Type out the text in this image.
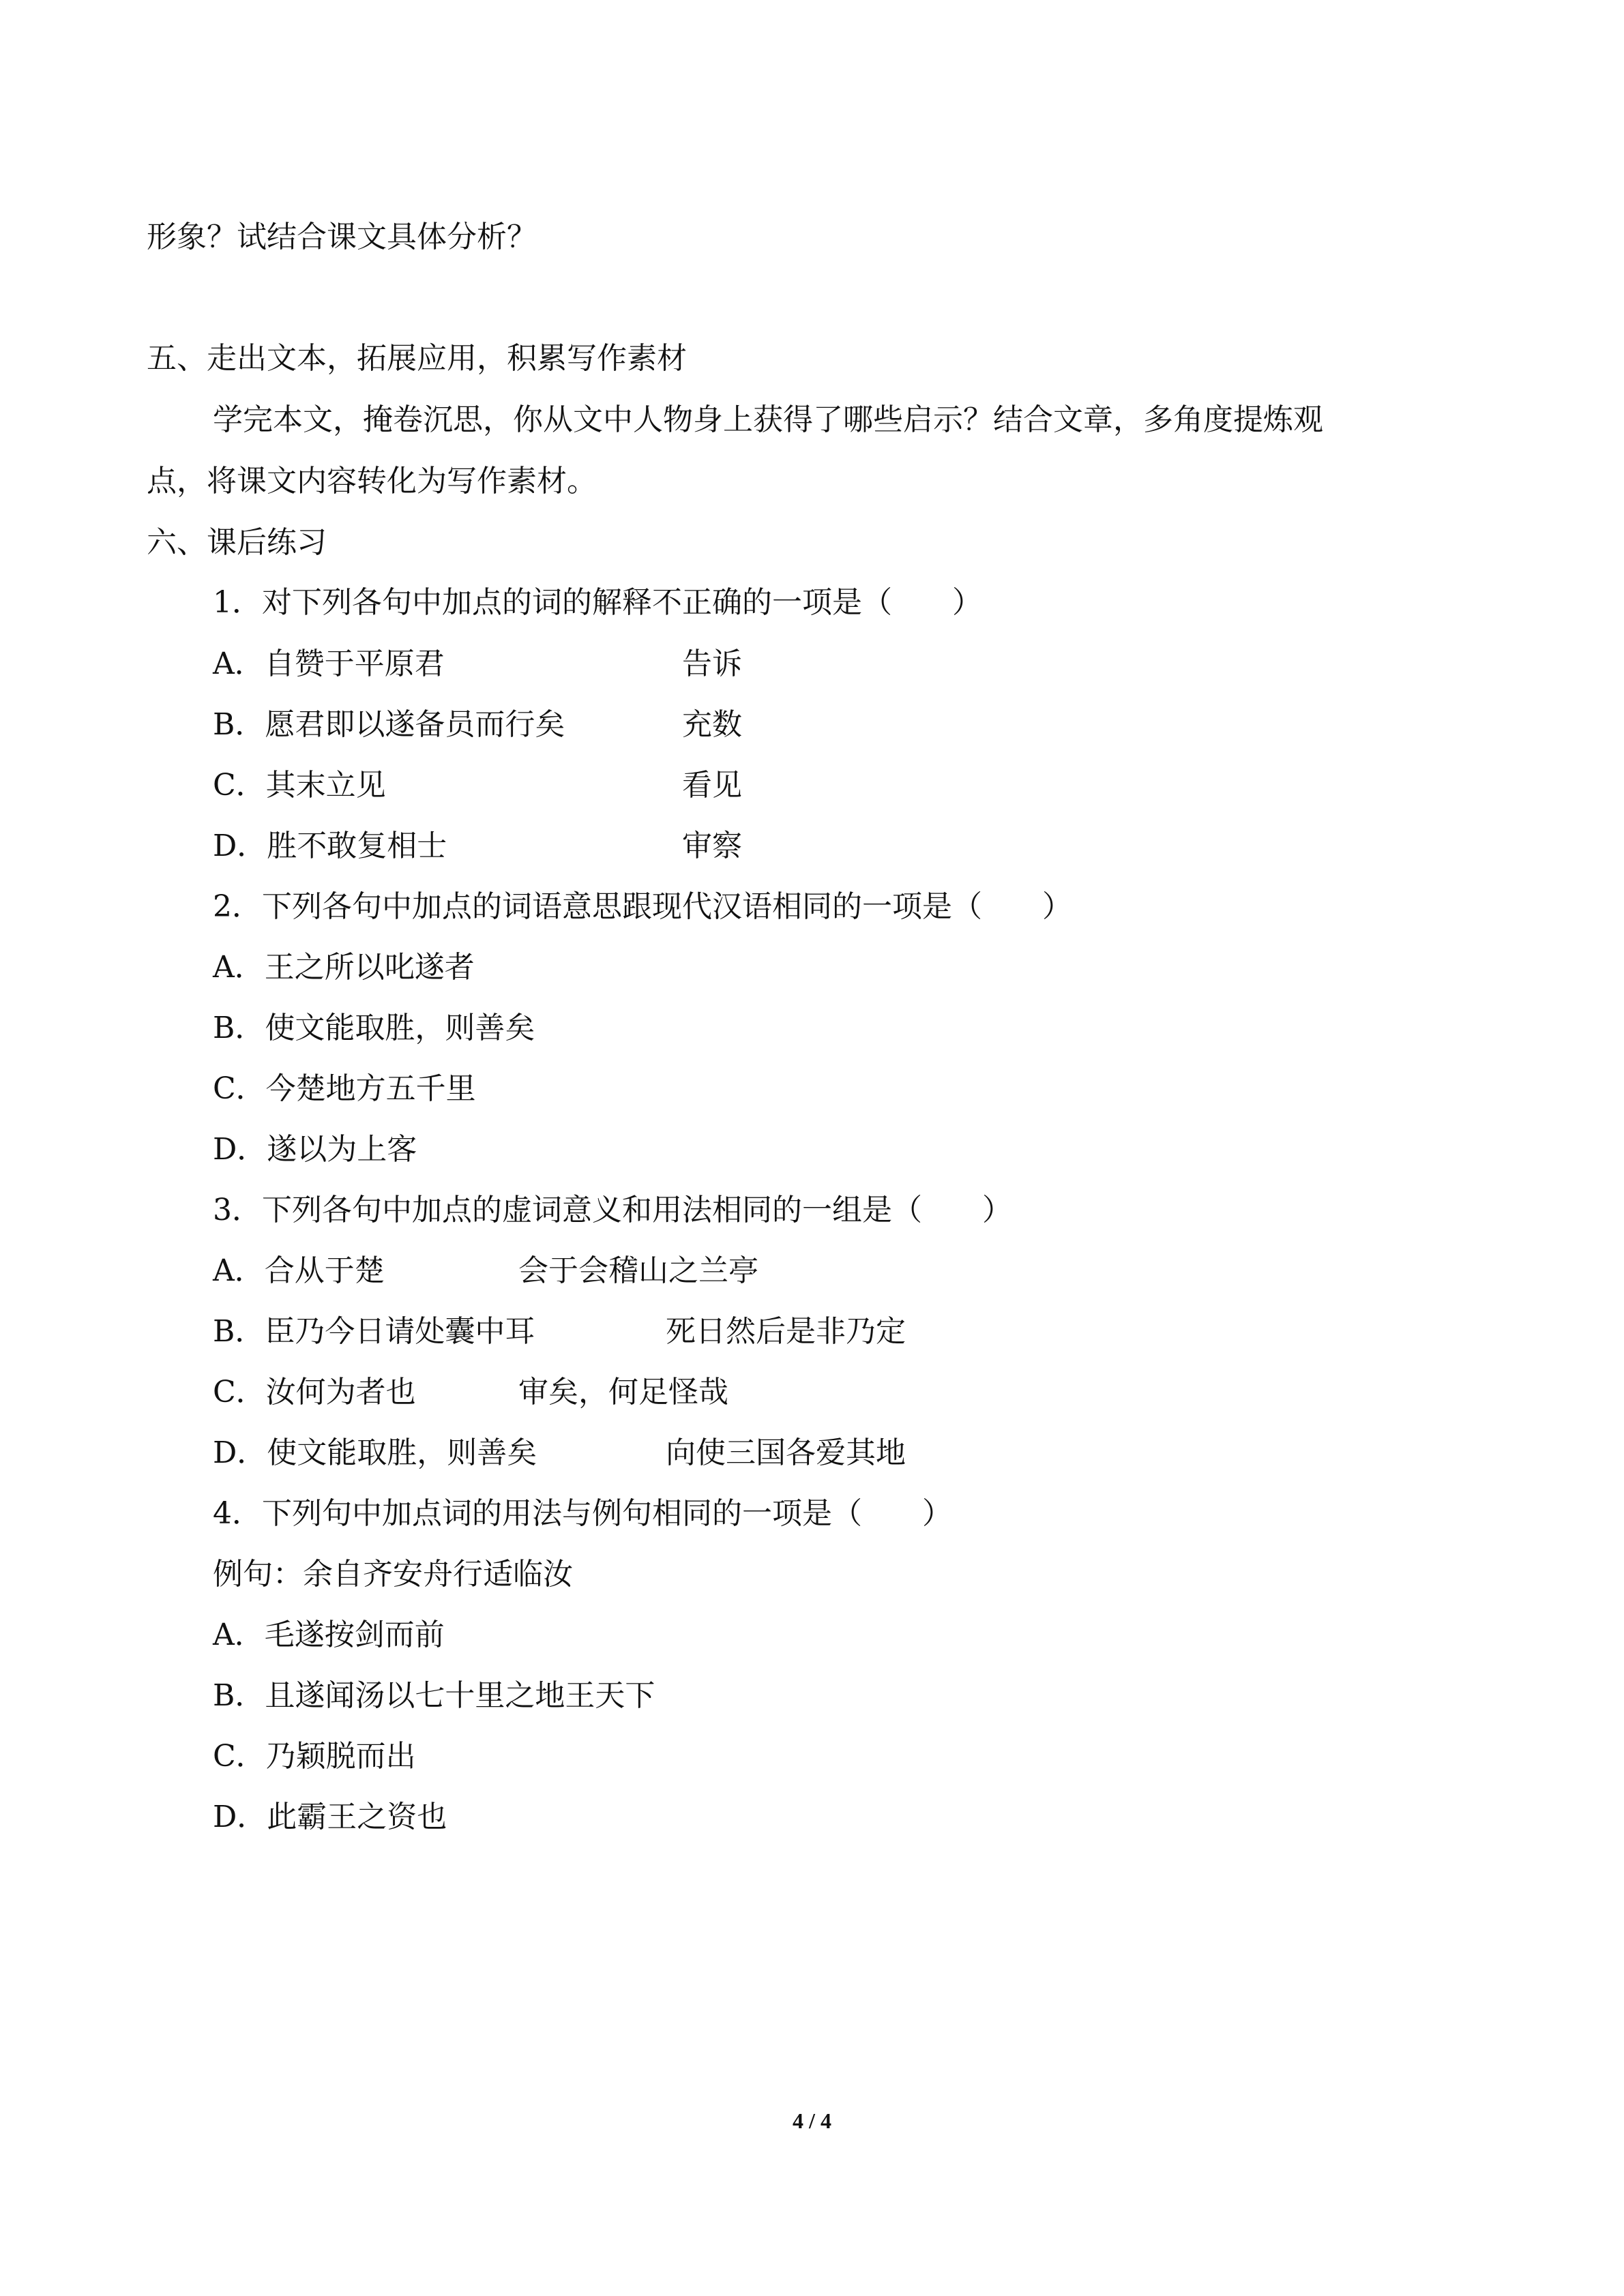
形象？试结合课文具体分析？
五、走出文本，拓展应用，积累写作素材
学完本文，掩卷沉思，你从文中人物身上获得了哪些启示？结合文章，多角度提炼观
点，将课文内容转化为写作素材。
六、课后练习
1．对下列各句中加点的词的解释不正确的一项是（　　）
A．自赞于平原君	告诉
B．愿君即以遂备员而行矣	充数
C．其末立见	看见
D．胜不敢复相士	审察
2．下列各句中加点的词语意思跟现代汉语相同的一项是（　　）
A．王之所以叱遂者
B．使文能取胜，则善矣
C．今楚地方五千里
D．遂以为上客
3．下列各句中加点的虚词意义和用法相同的一组是（　　）
A．合从于楚	会于会稽山之兰亭
B．臣乃今日请处囊中耳	死日然后是非乃定
C．汝何为者也	审矣，何足怪哉
D．使文能取胜，则善矣	向使三国各爱其地
4．下列句中加点词的用法与例句相同的一项是（　　）
例句：余自齐安舟行适临汝
A．毛遂按剑而前
B．且遂闻汤以七十里之地王天下
C．乃颖脱而出
D．此霸王之资也
4 / 4
